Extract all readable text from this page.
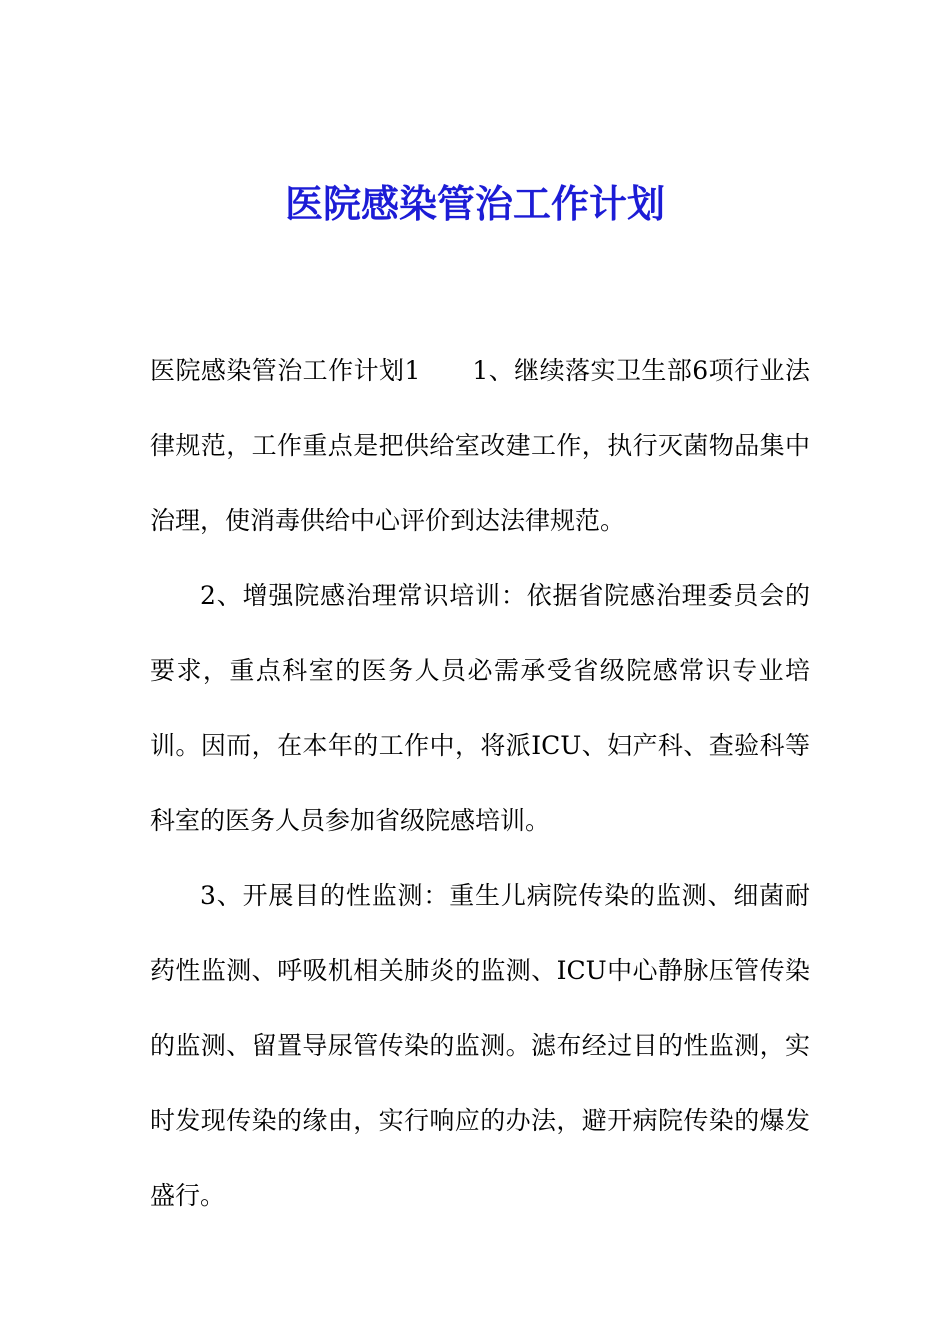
医院感染管治工作计划

医院感染管治工作计划1 1、继续落实卫生部6项行业法律规范，工作重点是把供给室改建工作，执行灭菌物品集中治理，使消毒供给中心评价到达法律规范。

2、增强院感治理常识培训：依据省院感治理委员会的要求，重点科室的医务人员必需承受省级院感常识专业培训。因而，在本年的工作中，将派ICU、妇产科、查验科等科室的医务人员参加省级院感培训。

3、开展目的性监测：重生儿病院传染的监测、细菌耐药性监测、呼吸机相关肺炎的监测、ICU中心静脉压管传染的监测、留置导尿管传染的监测。滤布经过目的性监测，实时发现传染的缘由，实行响应的办法，避开病院传染的爆发盛行。
